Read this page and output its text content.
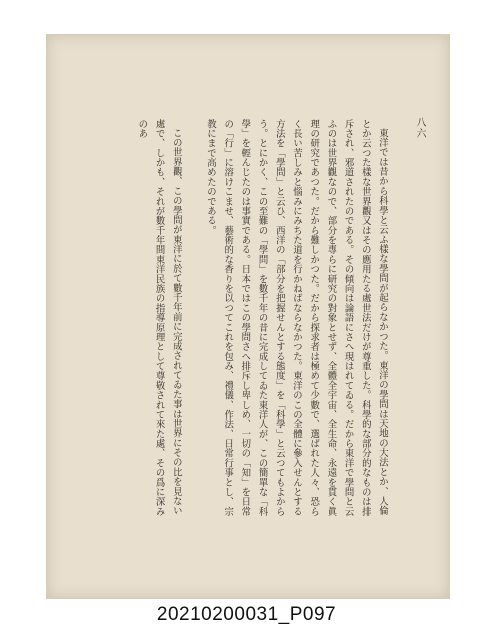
八六

東洋では昔から科學と云ふ樣な學問が起らなかつた。東洋の學問は天地の大法とか、人倫とか云つた樣な世界觀又はその應用たる處世法だけが尊重した。科學的な部分的なものは排斥され、邪道されたのである。その傾向は論語にさへ現はれてゐる。だから東洋で學問と云ふのは世界觀なので、部分を專らに研究の對象とせず、全體全宇宙、全生命、永遠を貫く眞理の研究であつた。だから難しかつた。だから探求者は極めて少數で、選ばれた人々、恐らく長い苦しみと惱みにみちた道を行かねばならなかつた。東洋のこの全體に參入せんとする方法を「學問」と云ひ、西洋の「部分を把握せんとする態度」を「科學」と云つてもよからう。とにかく、この至難の「學問」を數千年の昔に完成してゐた東洋人が、この簡單な「科學」を輕んじたのは事實である。日本ではこの學問さへ排斥し卑しめ、一切の「知」を日常の「行」に溶けこませ、藝術的な香りを以つてこれを包み、禮儀、作法、日常行事とし、宗教にまで高めたのである。

この世界觀、この學問が東洋に於て數千年前に完成されてゐた事は世界にその比を見ない處で、しかも、それが數千年間東洋民族の指導原理として尊敬されて來た處、その爲に深みのあ

20210200031_P097
